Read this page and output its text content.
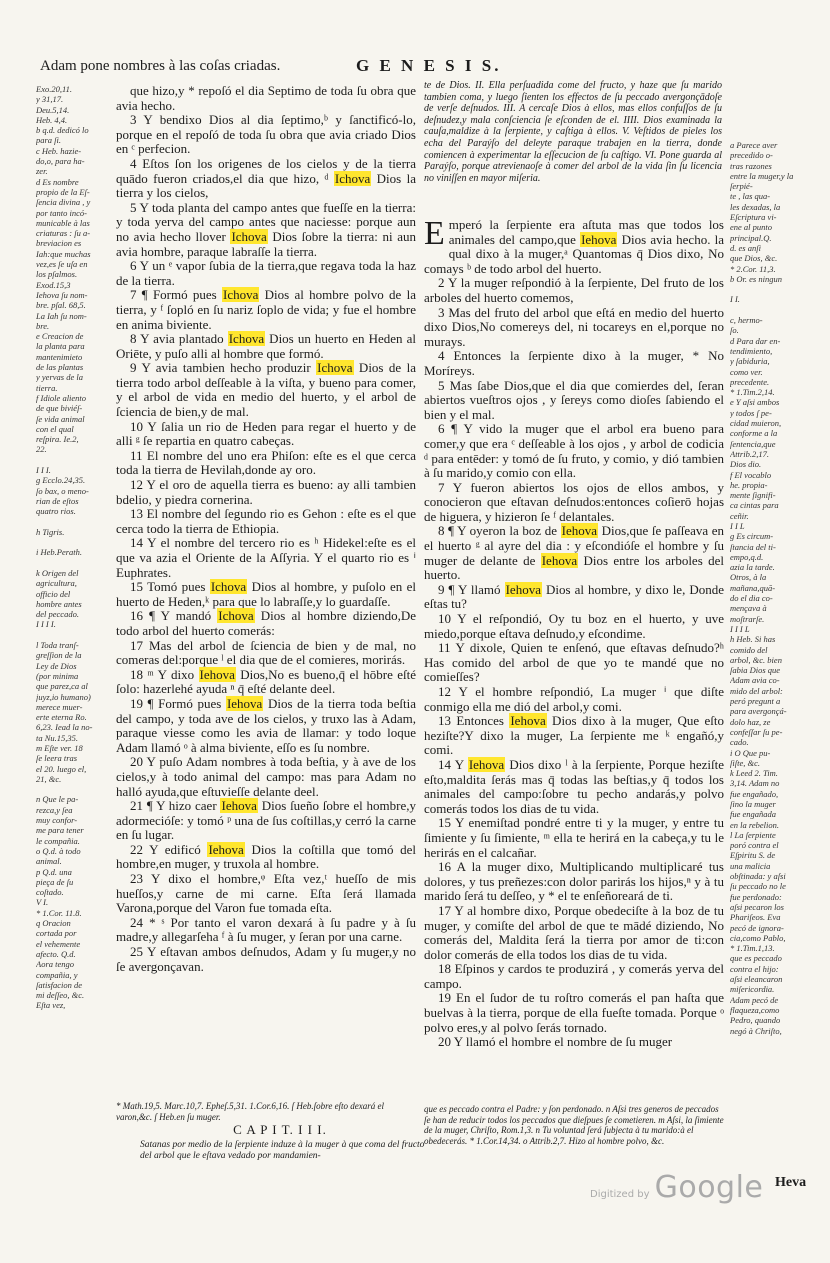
Adam pone nombres à las coſas criadas.	G E N E S I S.
Exo.20,11.
y 31,17.
Deu.5,14.
Heb. 4,4.
b q.d. dedicó lo
para ſi.
c Heb. hazie-
do,o, para ha-
zer.
d Es nombre
propio de la Eſ-
ſencia divina , y
por tanto incó-
municable à las
criaturas : ſu a-
breviacion es
Iah:que muchas
vez,es ſe uſa en
los pſalmos.
Exod.15,3
Iehova ſu nom-
bre. pſal. 68,5.
La Iah ſu nom-
bre.
e Creacion de
la planta para
mantenimieto
de las plantas
y yervas de la
tierra.
f Idiole aliento
de que biviéſ-
ſe vida animal
con el qual
reſpira. Ie.2,
22.
I I I.
g Ecclo.24,35.
ſo bax, o meno-
rian de eſtos
quatro rios.
h Tigris.
i Heb.Perath.
k Origen del
agricultura,
officio del
hombre antes
del peccado.
I I I I.
l Toda tranſ-
greſſion de la
Ley de Dios
(por minima
que parez,ca al
juyz,io humano)
merece muer-
erte eterna Ro.
6,23. Iead la no-
ta Nu.15,35.
m Eſte ver. 18
ſe leera tras
el 20. luego el,
21, &c.
n Que le pa-
rezca,y ſea
muy confor-
me para tener
le compañia.
o Q.d. à todo
animal.
p Q.d. una
pieça de ſu
coſtado.
V I.
* 1.Cor. 11.8.
q Oracion
cortada por
el vehemente
afecto. Q.d.
Aora tengo
compañia, y
ſatisfacion de
mi deſſeo, &c.
Eſta vez,

que hizo,y * repoſó el dia Septimo de toda ſu obra que avia hecho.

3 Y bendixo Dios al dia ſeptimo,ᵇ y ſanctificó-lo, porque en el repoſó de toda ſu obra que avia criado Dios en ᶜ perfecion.

4 Eſtos ſon los origenes de los cielos y de la tierra quādo fueron criados,el dia que hizo, ᵈ Ichova Dios la tierra y los cielos,

5 Y toda planta del campo antes que fueſſe en la tierra: y toda yerva del campo antes que naciesse: porque aun no avia hecho llover Ichova Dios ſobre la tierra: ni aun avia hombre, paraque labraſſe la tierra.

6 Y un ᵉ vapor ſubia de la tierra,que regava toda la haz de la tierra.

7 ¶ Formó pues Ichova Dios al hombre polvo de la tierra, y ᶠ ſopló en ſu nariz ſoplo de vida; y fue el hombre en anima biviente.

8 Y avia plantado Ichova Dios un huerto en Heden al Oriēte, y puſo alli al hombre que formó.

9 Y avia tambien hecho produzir Ichova Dios de la tierra todo arbol deſſeable à la viſta, y bueno para comer, y el arbol de vida en medio del huerto, y el arbol de ſciencia de bien,y de mal.

10 Y ſalia un rio de Heden para regar el huerto y de alli ᵍ ſe repartia en quatro cabeças.

11 El nombre del uno era Phiſon: eſte es el que cerca toda la tierra de Hevilah,donde ay oro.

12 Y el oro de aquella tierra es bueno: ay alli tambien bdelio, y piedra cornerina.

13 El nombre del ſegundo rio es Gehon : eſte es el que cerca todo la tierra de Ethiopia.

14 Y el nombre del tercero rio es ʰ Hidekel:eſte es el que va azia el Oriente de la Aſſyria. Y el quarto rio es ⁱ Euphrates.

15 Tomó pues Ichova Dios al hombre, y puſolo en el huerto de Heden,ᵏ para que lo labraſſe,y lo guardaſſe.

16 ¶ Y mandó Ichova Dios al hombre diziendo,De todo arbol del huerto comerás:

17 Mas del arbol de ſciencia de bien y de mal, no comeras del:porque ˡ el dia que de el comieres, morirás.

18 ᵐ Y dixo Iehova Dios,No es bueno,q̄ el hōbre eſté ſolo: hazerlehé ayuda ⁿ q̄ eſté delante deel.

19 ¶ Formó pues Iehova Dios de la tierra toda beſtia del campo, y toda ave de los cielos, y truxo las à Adam, paraque viesse como les avia de llamar: y todo loque Adam llamó ᵒ à alma biviente, eſſo es ſu nombre.

20 Y puſo Adam nombres à toda beſtia, y à ave de los cielos,y à todo animal del campo: mas para Adam no halló ayuda,que eſtuvieſſe delante deel.

21 ¶ Y hizo caer Iehova Dios ſueño ſobre el hombre,y adormecióſe: y tomó ᵖ una de ſus coſtillas,y cerró la carne en ſu lugar.

22 Y edificó Iehova Dios la coſtilla que tomó del hombre,en muger, y truxola al hombre.

23 Y dixo el hombre,ᵠ Eſta vez,ᵗ hueſſo de mis hueſſos,y carne de mi carne. Eſta ſerá llamada Varona,porque del Varon fue tomada eſta.

24 * ˢ Por tanto el varon dexará à ſu padre y à ſu madre,y allegarſeha ᶠ à ſu muger, y ſeran por una carne.

25 Y eſtavan ambos deſnudos, Adam y ſu muger,y no ſe avergonçavan.

* Math.19,5. Marc.10,7. Epheſ.5,31. 1.Cor.6,16. ſ Heb.ſobre eſto dexará el varon,&c. ſ Heb.en ſu muger.
C A P I T. I I I.
Satanas por medio de la ſerpiente induze à la muger à que coma del fructo del arbol que le eſtava vedado por mandamien-
te de Dios. II. Ella perſuadida come del fructo, y haze que ſu marido tambien coma, y luego ſienten los effectos de ſu peccado avergonçādoſe de verſe deſnudos. III. A cercaſe Dios à ellos, mas ellos confuſſos de ſu deſnudez,y mala conſciencia ſe eſconden de el. IIII. Dios examinada la cauſa,maldize à la ſerpiente, y caſtiga à ellos. V. Veſtidos de pieles los echa del Paraýſo del deleyte paraque trabajen en la tierra, donde comiencen à experimentar la eſſecucion de ſu caſtigo. VI. Pone guarda al Paraýſo, porque atrevienaoſe à comer del arbol de la vida ſin ſu licencia no viniſſen en mayor miſeria.

Emperó la ſerpiente era aſtuta mas que todos los animales del campo,que Iehova Dios avia hecho. la qual dixo à la muger,ᵃ Quantomas q̄ Dios dixo, No comays ᵇ de todo arbol del huerto.

2 Y la muger reſpondió à la ſerpiente, Del fruto de los arboles del huerto comemos,

3 Mas del fruto del arbol que eſtá en medio del huerto dixo Dios,No comereys del, ni tocareys en el,porque no murays.

4 Entonces la ſerpiente dixo à la muger, * No Moríreys.

5 Mas ſabe Dios,que el dia que comierdes del, ſeran abiertos vueſtros ojos , y ſereys como dioſes ſabiendo el bien y el mal.

6 ¶ Y vido la muger que el arbol era bueno para comer,y que era ᶜ deſſeable à los ojos , y arbol de codicia ᵈ para entēder: y tomó de ſu fruto, y comio, y dió tambien à ſu marido,y comio con ella.

7 Y fueron abiertos los ojos de ellos ambos, y conocieron que eſtavan deſnudos:entonces coſierō hojas de higuera, y hizieron ſe ᶠ delantales.

8 ¶ Y oyeron la boz de Iehova Dios,que ſe paſſeava en el huerto ᵍ al ayre del dia : y eſcondióſe el hombre y ſu muger de delante de Iehova Dios entre los arboles del huerto.

9 ¶ Y llamó Iehova Dios al hombre, y dixo le, Donde eſtas tu?

10 Y el reſpondió, Oy tu boz en el huerto, y uve miedo,porque eſtava deſnudo,y eſcondime.

11 Y dixole, Quien te enſenó, que eſtavas deſnudo?ʰ Has comido del arbol de que yo te mandé que no comieſſes?

12 Y el hombre reſpondió, La muger ⁱ que diſte conmigo ella me dió del arbol,y comi.

13 Entonces Iehova Dios dixo à la muger, Que eſto heziſte?Y dixo la muger, La ſerpiente me ᵏ engañó,y comi.

14 Y Iehova Dios dixo ˡ à la ſerpiente, Porque heziſte eſto,maldita ſerás mas q̄ todas las beſtias,y q̄ todos los animales del campo:ſobre tu pecho andarás,y polvo comerás todos los dias de tu vida.

15 Y enemiſtad pondré entre ti y la muger, y entre tu ſimiente y ſu ſimiente, ᵐ ella te herirá en la cabeça,y tu le herirás en el calcañar.

16 A la muger dixo, Multiplicando multiplicaré tus dolores, y tus preñezes:con dolor parirás los hijos,ⁿ y à tu marido ſerá tu deſſeo, y * el te enſeñoreará de ti.

17 Y al hombre dixo, Porque obedeciſte à la boz de tu muger, y comiſte del arbol de que te mādé diziendo, No comerás del, Maldita ſerá la tierra por amor de ti:con dolor comerás de ella todos los dias de tu vida.

18 Eſpinos y cardos te produzirá , y comerás yerva del campo.

19 En el ſudor de tu roſtro comerás el pan haſta que buelvas à la tierra, porque de ella fueſte tomada. Porque ᵒ polvo eres,y al polvo ſerás tornado.

20 Y llamó el hombre el nombre de ſu muger

que es peccado contra el Padre: y ſon perdonado. n Aſsi tres generos de peccados ſe han de reducir todos los peccados que dieſpues ſe cometieren. m Aſsi, la ſimiente de la muger, Chriſto, Rom.1,3. n Tu voluntad ſerá ſubjecta à tu marido:à el obedecerás. * 1.Cor.14,34. o Attrib.2,7. Hizo al hombre polvo, &c.
a Parece aver
precedido o-
tras razones
entre la muger,y la ſerpié-
te , las qua-
les dexadas, la
Eſcriptura vi-
ene al punto
principal.Q.
d. es anſi
que Dios, &c.
* 2.Cor. 11,3.
b Or. es ningun
I I.
c, hermo-
ſo.
d Para dar en-
tendimiento,
y ſabiduria,
como ver.
precedente.
* 1.Tim.2,14.
e Y aſsi ambos
y todos ſ pe-
cidad muieron,
conforme a la
ſentencia,que
Attrib.2,17.
Dios dio.
f El vocablo
he. propia-
mente ſignifi-
ca cintas para
ceñir.
I I L
g Es circum-
ſtancia del ti-
empo,q.d.
azia la tarde.
Otros, à la
mañana,quā-
do el dia co-
mençava à
moſtrarſe.
I I I L
h Heb. Si has
comido del
arbol, &c. bien
ſabia Dios que
Adam avia co-
mido del arbol:
peró pregunt a
para avergonçá-
dolo haz, ze
confeſſar ſu pe-
cado.
i O Que pu-
ſiſte, &c.
k Leed 2. Tim.
3,14. Adam no
fue engañado,
ſino la muger
fue engañada
en la rebelion.
l La ſerpiente
poró contra el
Eſpiritu S. de
una malicia obſtinada: y aſsi
ſu peccado no le
fue perdonado:
aſsi pecaron los
Phariſeos. Eva
pecó de ignora-
cia,como Pablo,
* 1.Tim.1,13.
que es peccado
contra el hijo:
aſsi eleancaron
miſericordia.
Adam pecó de
flaqueza,como
Pedro, quando
negó à Chriſto,
Heva
Digitized by Google
